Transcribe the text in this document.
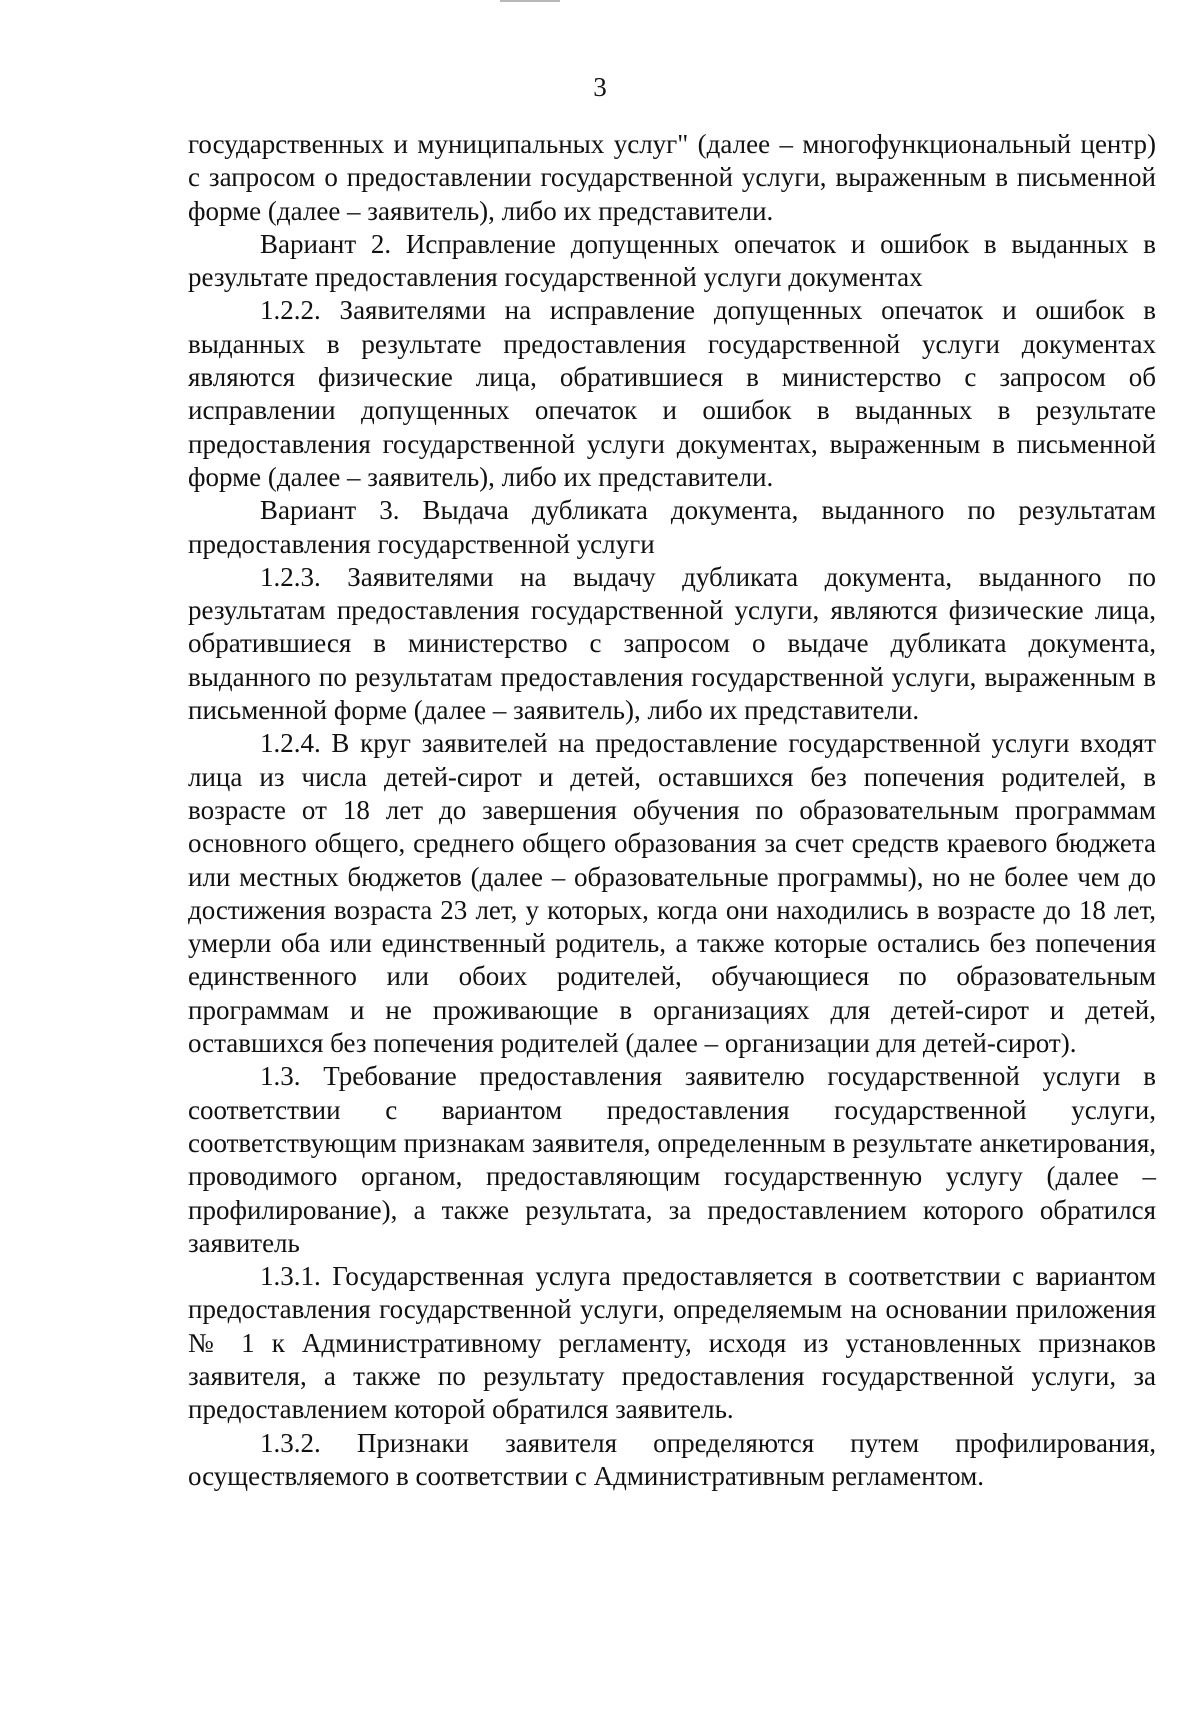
3

государственных и муниципальных услуг" (далее – многофункциональный центр) с запросом о предоставлении государственной услуги, выраженным в письменной форме (далее – заявитель), либо их представители.

Вариант 2. Исправление допущенных опечаток и ошибок в выданных в результате предоставления государственной услуги документах

1.2.2. Заявителями на исправление допущенных опечаток и ошибок в выданных в результате предоставления государственной услуги документах являются физические лица, обратившиеся в министерство с запросом об исправлении допущенных опечаток и ошибок в выданных в результате предоставления государственной услуги документах, выраженным в письменной форме (далее – заявитель), либо их представители.

Вариант 3. Выдача дубликата документа, выданного по результатам предоставления государственной услуги

1.2.3. Заявителями на выдачу дубликата документа, выданного по результатам предоставления государственной услуги, являются физические лица, обратившиеся в министерство с запросом о выдаче дубликата документа, выданного по результатам предоставления государственной услуги, выраженным в письменной форме (далее – заявитель), либо их представители.

1.2.4. В круг заявителей на предоставление государственной услуги входят лица из числа детей-сирот и детей, оставшихся без попечения родителей, в возрасте от 18 лет до завершения обучения по образовательным программам основного общего, среднего общего образования за счет средств краевого бюджета или местных бюджетов (далее – образовательные программы), но не более чем до достижения возраста 23 лет, у которых, когда они находились в возрасте до 18 лет, умерли оба или единственный родитель, а также которые остались без попечения единственного или обоих родителей, обучающиеся по образовательным программам и не проживающие в организациях для детей-сирот и детей, оставшихся без попечения родителей (далее – организации для детей-сирот).

1.3. Требование предоставления заявителю государственной услуги в соответствии с вариантом предоставления государственной услуги, соответствующим признакам заявителя, определенным в результате анкетирования, проводимого органом, предоставляющим государственную услугу (далее – профилирование), а также результата, за предоставлением которого обратился заявитель

1.3.1. Государственная услуга предоставляется в соответствии с вариантом предоставления государственной услуги, определяемым на основании приложения № 1 к Административному регламенту, исходя из установленных признаков заявителя, а также по результату предоставления государственной услуги, за предоставлением которой обратился заявитель.

1.3.2. Признаки заявителя определяются путем профилирования, осуществляемого в соответствии с Административным регламентом.
